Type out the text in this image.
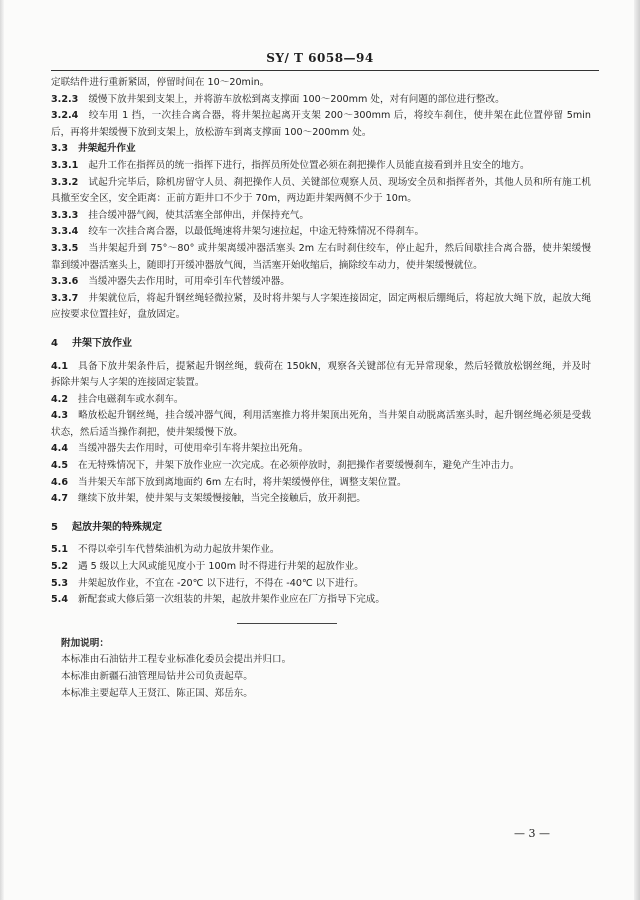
SY/ T 6058—94

定联结件进行重新紧固，停留时间在 10～20min。

3.2.3 缓慢下放井架到支架上，并将游车放松到离支撑面 100～200mm 处，对有问题的部位进行整改。

3.2.4 绞车用 1 挡，一次挂合离合器，将井架拉起离开支架 200～300mm 后，将绞车刹住，使井架在此位置停留 5min 后，再将井架缓慢下放到支架上，放松游车到离支撑面 100～200mm 处。

3.3 井架起升作业

3.3.1 起升工作在指挥员的统一指挥下进行，指挥员所处位置必须在刹把操作人员能直接看到并且安全的地方。

3.3.2 试起升完毕后，除机房留守人员、刹把操作人员、关键部位观察人员、现场安全员和指挥者外，其他人员和所有施工机具撤至安全区，安全距离：正前方距井口不少于 70m，两边距井架两侧不少于 10m。

3.3.3 挂合缓冲器气阀，使其活塞全部伸出，并保持充气。

3.3.4 绞车一次挂合离合器，以最低绳速将井架匀速拉起，中途无特殊情况不得刹车。

3.3.5 当井架起升到 75°～80° 或井架离缓冲器活塞头 2m 左右时刹住绞车，停止起升，然后间歇挂合离合器，使井架缓慢靠到缓冲器活塞头上，随即打开缓冲器放气阀，当活塞开始收缩后，摘除绞车动力，使井架缓慢就位。

3.3.6 当缓冲器失去作用时，可用牵引车代替缓冲器。

3.3.7 井架就位后，将起升钢丝绳轻微拉紧，及时将井架与人字架连接固定，固定两根后绷绳后，将起放大绳下放，起放大绳应按要求位置挂好，盘放固定。

4 井架下放作业

4.1 具备下放井架条件后，提紧起升钢丝绳，载荷在 150kN，观察各关键部位有无异常现象，然后轻微放松钢丝绳，并及时拆除井架与人字架的连接固定装置。

4.2 挂合电磁刹车或水刹车。

4.3 略放松起升钢丝绳，挂合缓冲器气阀，利用活塞推力将井架顶出死角，当井架自动脱离活塞头时，起升钢丝绳必须是受载状态，然后适当操作刹把，使井架缓慢下放。

4.4 当缓冲器失去作用时，可使用牵引车将井架拉出死角。

4.5 在无特殊情况下，井架下放作业应一次完成。在必须停放时，刹把操作者要缓慢刹车，避免产生冲击力。

4.6 当井架天车部下放到离地面约 6m 左右时，将井架缓慢停住，调整支架位置。

4.7 继续下放井架，使井架与支架缓慢接触，当完全接触后，放开刹把。

5 起放井架的特殊规定

5.1 不得以牵引车代替柴油机为动力起放井架作业。

5.2 遇 5 级以上大风或能见度小于 100m 时不得进行井架的起放作业。

5.3 井架起放作业，不宜在 -20℃ 以下进行，不得在 -40℃ 以下进行。

5.4 新配套或大修后第一次组装的井架，起放井架作业应在厂方指导下完成。

附加说明：

本标准由石油钻井工程专业标准化委员会提出并归口。

本标准由新疆石油管理局钻井公司负责起草。

本标准主要起草人王贤江、陈正国、郑岳东。

— 3 —
